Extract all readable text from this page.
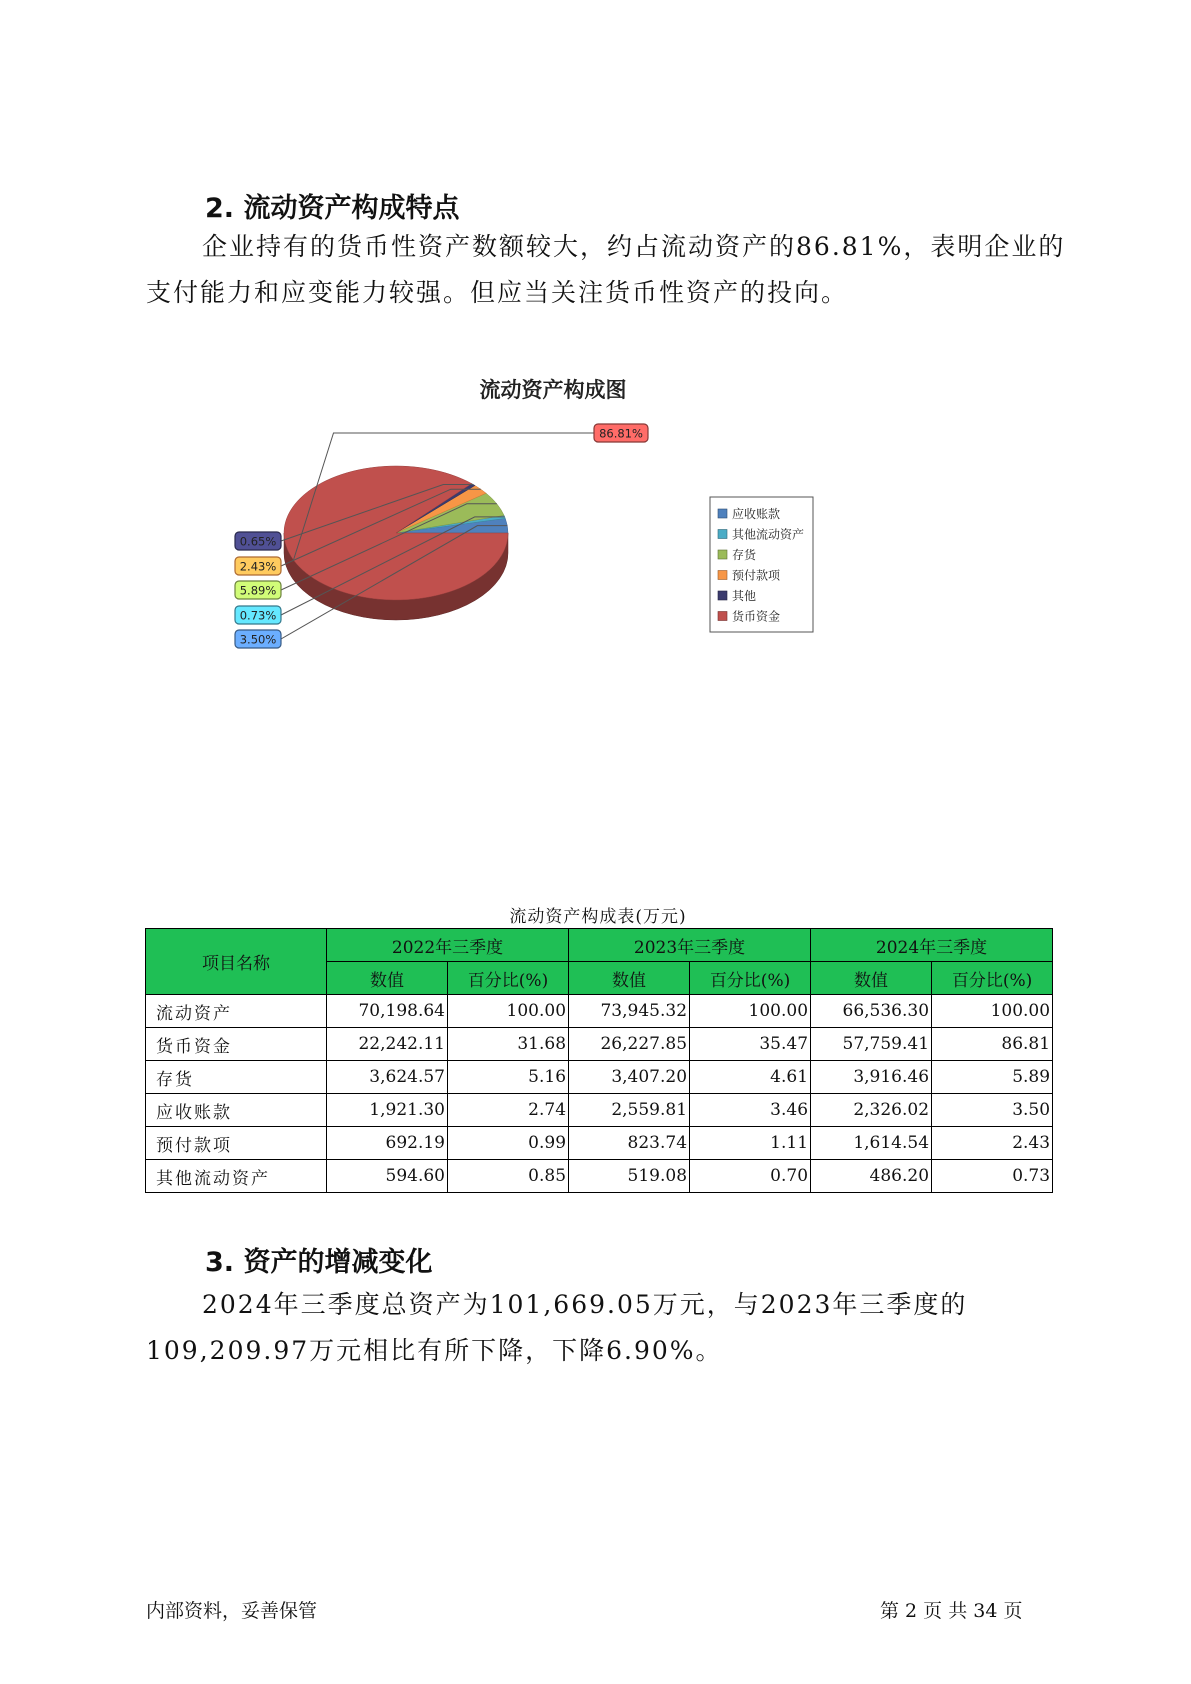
2. 流动资产构成特点

企业持有的货币性资产数额较大，约占流动资产的86.81%，表明企业的支付能力和应变能力较强。但应当关注货币性资产的投向。

流动资产构成图
3.50%
0.73%
5.89%
2.43%
0.65%
86.81%
应收账款
其他流动资产
存货
预付款项
其他
货币资金
流动资产构成表(万元)
项目名称	2022年三季度		2023年三季度		2024年三季度	
	数值	百分比(%)	数值	百分比(%)	数值	百分比(%)
流动资产	70,198.64	100.00	73,945.32	100.00	66,536.30	100.00
货币资金	22,242.11	31.68	26,227.85	35.47	57,759.41	86.81
存货	3,624.57	5.16	3,407.20	4.61	3,916.46	5.89
应收账款	1,921.30	2.74	2,559.81	3.46	2,326.02	3.50
预付款项	692.19	0.99	823.74	1.11	1,614.54	2.43
其他流动资产	594.60	0.85	519.08	0.70	486.20	0.73
3. 资产的增减变化

2024年三季度总资产为101,669.05万元，与2023年三季度的109,209.97万元相比有所下降，下降6.90%。

内部资料，妥善保管	第 2 页 共 34 页
